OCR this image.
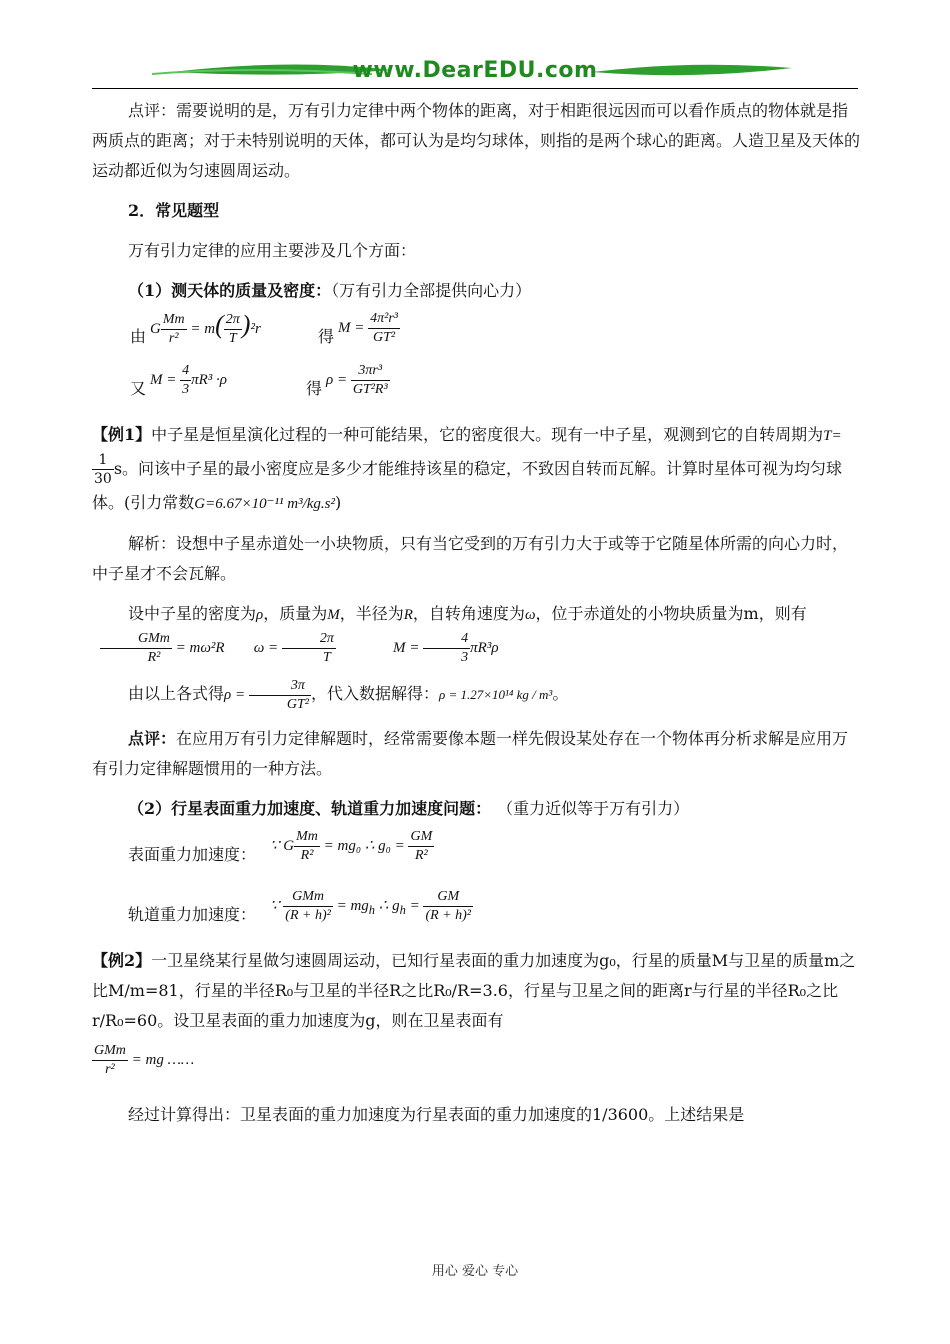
www.DearEDU.com

点评：需要说明的是，万有引力定律中两个物体的距离，对于相距很远因而可以看作质点的物体就是指两质点的距离；对于未特别说明的天体，都可认为是均匀球体，则指的是两个球心的距离。人造卫星及天体的运动都近似为匀速圆周运动。

2．常见题型

万有引力定律的应用主要涉及几个方面：

（1）测天体的质量及密度：（万有引力全部提供向心力）

由 G $\frac{Mm}{\text{r²}} = m( \frac{2\pi}{T} )^2r$	得 $M = \frac{\text{4π²r³}}{\text{GT²}}$
又 $M = \frac{4}{3} \pi R^3 \cdot\rho$	得 $\rho = \frac{\text{3πr³}}{\text{GT²R³}}$

【例1】中子星是恒星演化过程的一种可能结果，它的密度很大。现有一中子星，观测到它的自转周期为T=
$\frac{1}{30}$ s。问该中子星的最小密度应是多少才能维持该星的稳定，不致因自转而瓦解。计算时星体可视为均匀球体。(引力常数G=6.67×10⁻¹¹ m³/kg.s²)

解析：设想中子星赤道处一小块物质，只有当它受到的万有引力大于或等于它随星体所需的向心力时，中子星才不会瓦解。

设中子星的密度为ρ，质量为M，半径为R，自转角速度为ω，位于赤道处的小物块质量为m，则有
$\frac{\text{GMm}}{\text{R²}} = m\omega^2R$ $\omega = \frac{2\pi}{T}$	$M = \frac{4}{3} \pi R^3\rho$

由以上各式得$\rho = \frac{3\pi}{\text{GT²}}$ ，代入数据解得：ρ = 1.27×10¹⁴ kg / m³。

点评：在应用万有引力定律解题时，经常需要像本题一样先假设某处存在一个物体再分析求解是应用万有引力定律解题惯用的一种方法。

（2）行星表面重力加速度、轨道重力加速度问题： （重力近似等于万有引力）

表面重力加速度： ∵ G $\frac{Mm}{\text{R²}} = mg_0$ ∴ $g_0 = \frac{GM}{\text{R²}}$
轨道重力加速度： ∵ $\frac{\text{GMm}}{\text{(R + h)²}} = mg_h$ ∴ $g_h = \frac{GM}{\text{(R + h)²}}$

【例2】一卫星绕某行星做匀速圆周运动，已知行星表面的重力加速度为g₀，行星的质量M与卫星的质量m之比M/m=81，行星的半径R₀与卫星的半径R之比R₀/R=3.6，行星与卫星之间的距离r与行星的半径R₀之比r/R₀=60。设卫星表面的重力加速度为g，则在卫星表面有

$\frac{\text{GMm}}{\text{r²}}$ = mg ……

经过计算得出：卫星表面的重力加速度为行星表面的重力加速度的1/3600。上述结果是

用心 爱心 专心
